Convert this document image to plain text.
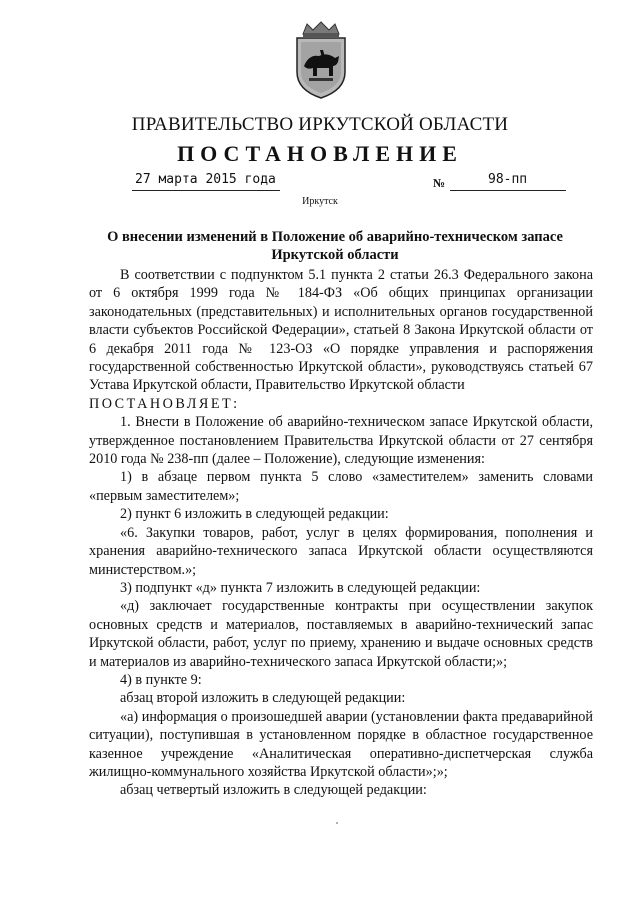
ПРАВИТЕЛЬСТВО ИРКУТСКОЙ ОБЛАСТИ
ПОСТАНОВЛЕНИЕ
27 марта 2015 года	№	98-пп
Иркутск
О внесении изменений в Положение об аварийно-техническом запасе Иркутской области

В соответствии с подпунктом 5.1 пункта 2 статьи 26.3 Федерального закона от 6 октября 1999 года № 184-ФЗ «Об общих принципах организации законодательных (представительных) и исполнительных органов государственной власти субъектов Российской Федерации», статьей 8 Закона Иркутской области от 6 декабря 2011 года № 123-ОЗ «О порядке управления и распоряжения государственной собственностью Иркутской области», руководствуясь статьей 67 Устава Иркутской области, Правительство Иркутской области

ПОСТАНОВЛЯЕТ:

1. Внести в Положение об аварийно-техническом запасе Иркутской области, утвержденное постановлением Правительства Иркутской области от 27 сентября 2010 года № 238-пп (далее – Положение), следующие изменения:

1) в абзаце первом пункта 5 слово «заместителем» заменить словами «первым заместителем»;

2) пункт 6 изложить в следующей редакции:

«6. Закупки товаров, работ, услуг в целях формирования, пополнения и хранения аварийно-технического запаса Иркутской области осуществляются министерством.»;

3) подпункт «д» пункта 7 изложить в следующей редакции:

«д) заключает государственные контракты при осуществлении закупок основных средств и материалов, поставляемых в аварийно-технический запас Иркутской области, работ, услуг по приему, хранению и выдаче основных средств и материалов из аварийно-технического запаса Иркутской области;»;

4) в пункте 9:

абзац второй изложить в следующей редакции:

«а) информация о произошедшей аварии (установлении факта предаварийной ситуации), поступившая в установленном порядке в областное государственное казенное учреждение «Аналитическая оперативно-диспетчерская служба жилищно-коммунального хозяйства Иркутской области»;»;

абзац четвертый изложить в следующей редакции:
